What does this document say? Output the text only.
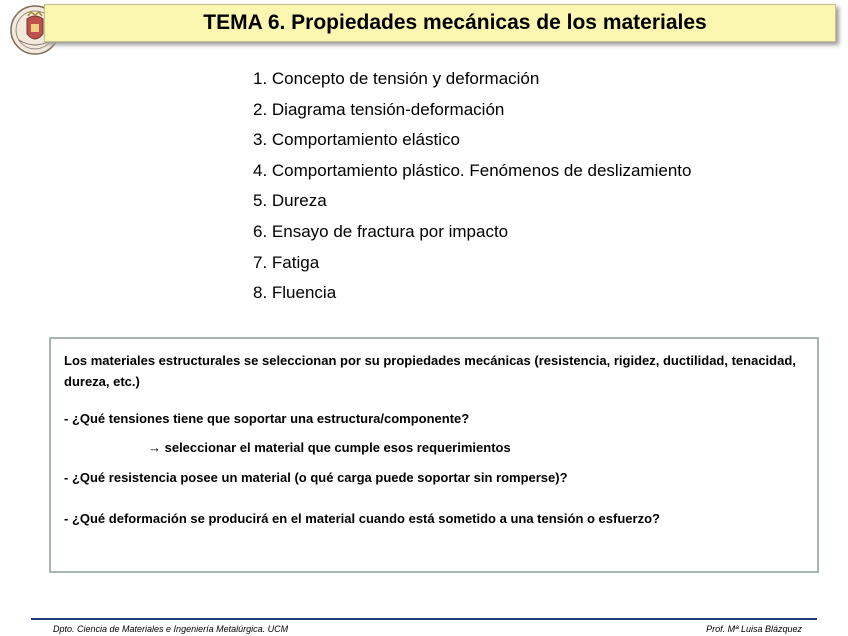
TEMA 6. Propiedades mecánicas de los materiales
1. Concepto de tensión y deformación
2. Diagrama tensión-deformación
3. Comportamiento elástico
4. Comportamiento plástico. Fenómenos de deslizamiento
5. Dureza
6. Ensayo de fractura por impacto
7. Fatiga
8. Fluencia
Los materiales estructurales se seleccionan por su propiedades mecánicas (resistencia, rigidez, ductilidad, tenacidad, dureza, etc.)
- ¿Qué tensiones tiene que soportar una estructura/componente?
→ seleccionar el material que cumple esos requerimientos
- ¿Qué resistencia posee un material (o qué carga puede soportar sin romperse)?
- ¿Qué deformación se producirá en el material cuando está sometido a una tensión o esfuerzo?
Dpto. Ciencia de Materiales e Ingeniería Metalúrgica. UCM	Prof. Mª Luisa Blázquez
